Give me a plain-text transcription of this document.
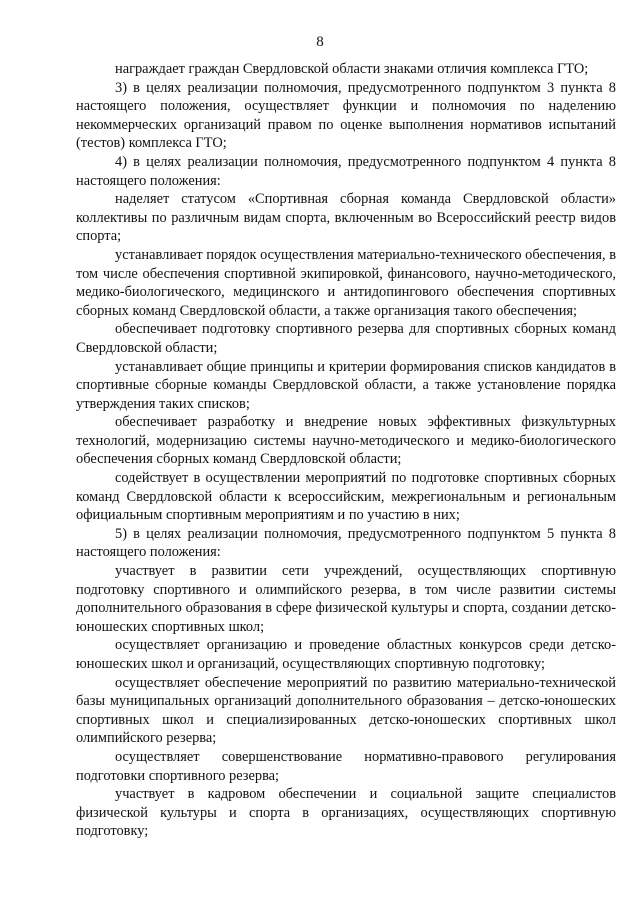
8

награждает граждан Свердловской области знаками отличия комплекса ГТО;

3) в целях реализации полномочия, предусмотренного подпунктом 3 пункта 8 настоящего положения, осуществляет функции и полномочия по наделению некоммерческих организаций правом по оценке выполнения нормативов испытаний (тестов) комплекса ГТО;

4) в целях реализации полномочия, предусмотренного подпунктом 4 пункта 8 настоящего положения:

наделяет статусом «Спортивная сборная команда Свердловской области» коллективы по различным видам спорта, включенным во Всероссийский реестр видов спорта;

устанавливает порядок осуществления материально-технического обеспечения, в том числе обеспечения спортивной экипировкой, финансового, научно-методического, медико-биологического, медицинского и антидопингового обеспечения спортивных сборных команд Свердловской области, а также организация такого обеспечения;

обеспечивает подготовку спортивного резерва для спортивных сборных команд Свердловской области;

устанавливает общие принципы и критерии формирования списков кандидатов в спортивные сборные команды Свердловской области, а также установление порядка утверждения таких списков;

обеспечивает разработку и внедрение новых эффективных физкультурных технологий, модернизацию системы научно-методического и медико-биологического обеспечения сборных команд Свердловской области;

содействует в осуществлении мероприятий по подготовке спортивных сборных команд Свердловской области к всероссийским, межрегиональным и региональным официальным спортивным мероприятиям и по участию в них;

5) в целях реализации полномочия, предусмотренного подпунктом 5 пункта 8 настоящего положения:

участвует в развитии сети учреждений, осуществляющих спортивную подготовку спортивного и олимпийского резерва, в том числе развитии системы дополнительного образования в сфере физической культуры и спорта, создании детско-юношеских спортивных школ;

осуществляет организацию и проведение областных конкурсов среди детско-юношеских школ и организаций, осуществляющих спортивную подготовку;

осуществляет обеспечение мероприятий по развитию материально-технической базы муниципальных организаций дополнительного образования – детско-юношеских спортивных школ и специализированных детско-юношеских спортивных школ олимпийского резерва;

осуществляет совершенствование нормативно-правового регулирования подготовки спортивного резерва;

участвует в кадровом обеспечении и социальной защите специалистов физической культуры и спорта в организациях, осуществляющих спортивную подготовку;
